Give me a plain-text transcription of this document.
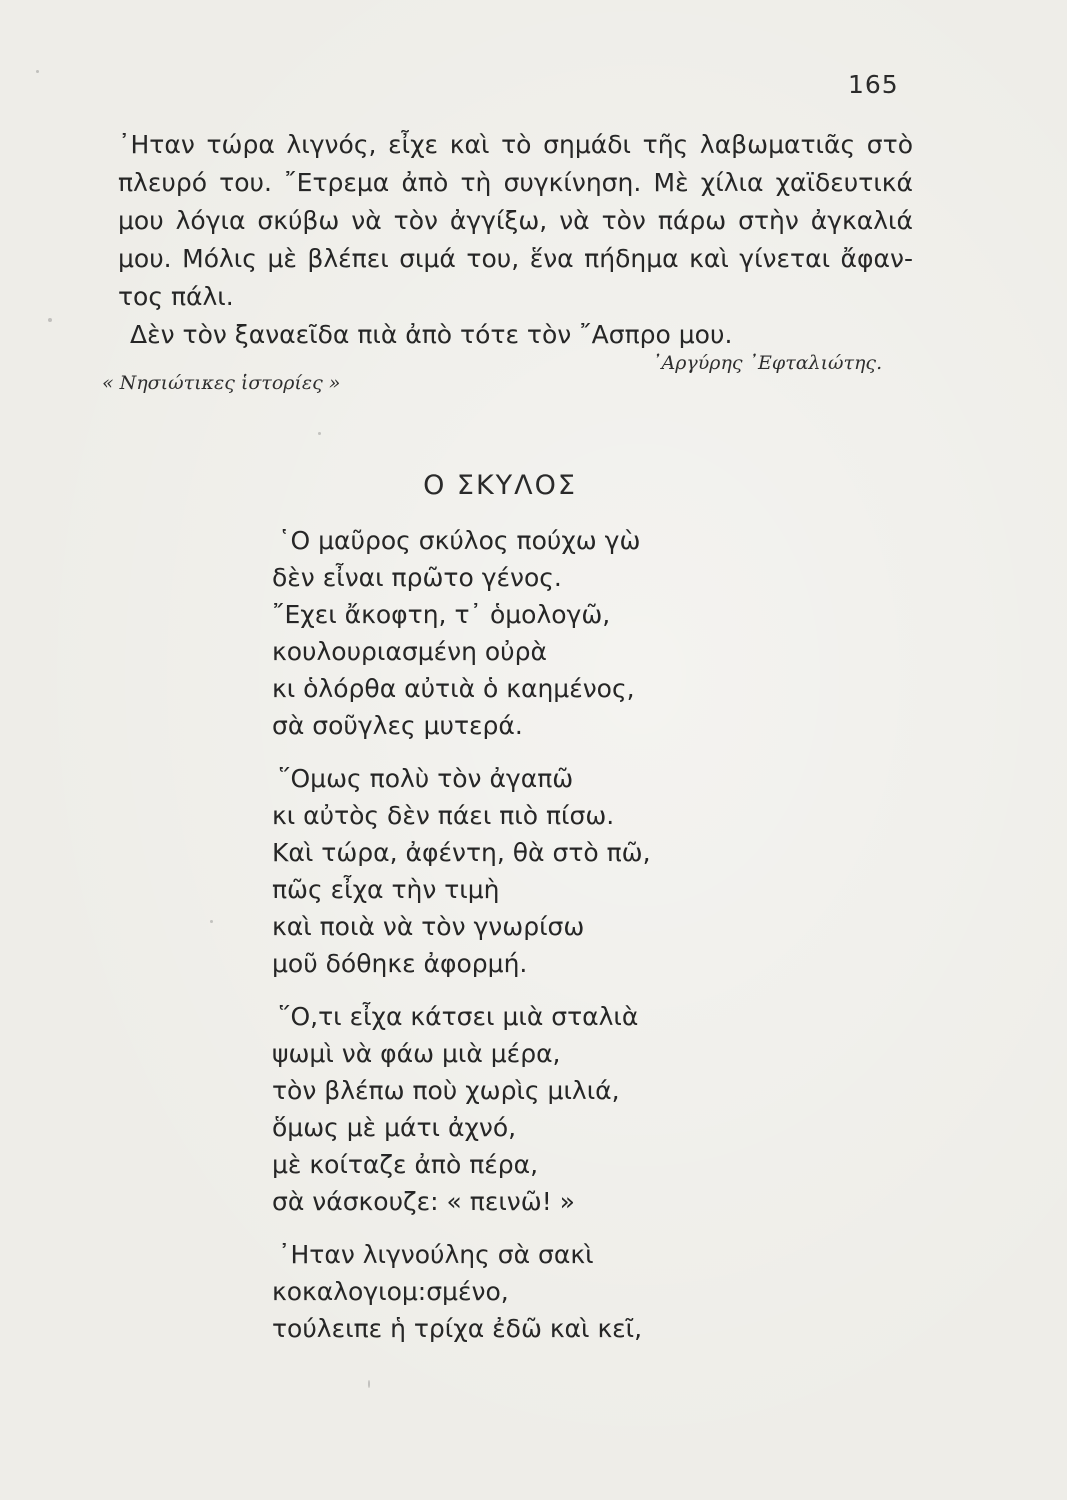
165
᾿Ηταν τώρα λιγνός, εἶχε καὶ τὸ σημάδι τῆς λαβωματιᾶς στὸ
πλευρό του. ῎Ετρεμα ἀπὸ τὴ συγκίνηση. Μὲ χίλια χαϊδευτικά
μου λόγια σκύβω νὰ τὸν ἀγγίξω, νὰ τὸν πάρω στὴν ἀγκαλιά
μου. Μόλις μὲ βλέπει σιμά του, ἕνα πήδημα καὶ γίνεται ἄφαν-
τος πάλι.
Δὲν τὸν ξαναεῖδα πιὰ ἀπὸ τότε τὸν ῎Ασπρο μου.
᾿Αργύρης ᾿Εφταλιώτης.
« Νησιώτικες ἱστορίες »
Ο ΣΚΥΛΟΣ
῾Ο μαῦρος σκύλος πούχω γὼ
δὲν εἶναι πρῶτο γένος.
῎Εχει ἄκοφτη, τ᾿ ὁμολογῶ,
κουλουριασμένη οὐρὰ
κι ὁλόρθα αὐτιὰ ὁ καημένος,
σὰ σοῦγλες μυτερά.
῞Ομως πολὺ τὸν ἀγαπῶ
κι αὐτὸς δὲν πάει πιὸ πίσω.
Καὶ τώρα, ἀφέντη, θὰ στὸ πῶ,
πῶς εἶχα τὴν τιμὴ
καὶ ποιὰ νὰ τὸν γνωρίσω
μοῦ δόθηκε ἀφορμή.
῞Ο,τι εἶχα κάτσει μιὰ σταλιὰ
ψωμὶ νὰ φάω μιὰ μέρα,
τὸν βλέπω ποὺ χωρὶς μιλιά,
ὅμως μὲ μάτι ἀχνό,
μὲ κοίταζε ἀπὸ πέρα,
σὰ νάσκουζε: « πεινῶ! »
᾿Ηταν λιγνούλης σὰ σακὶ
κοκαλογιομ:σμένο,
τούλειπε ἡ τρίχα ἐδῶ καὶ κεῖ,
